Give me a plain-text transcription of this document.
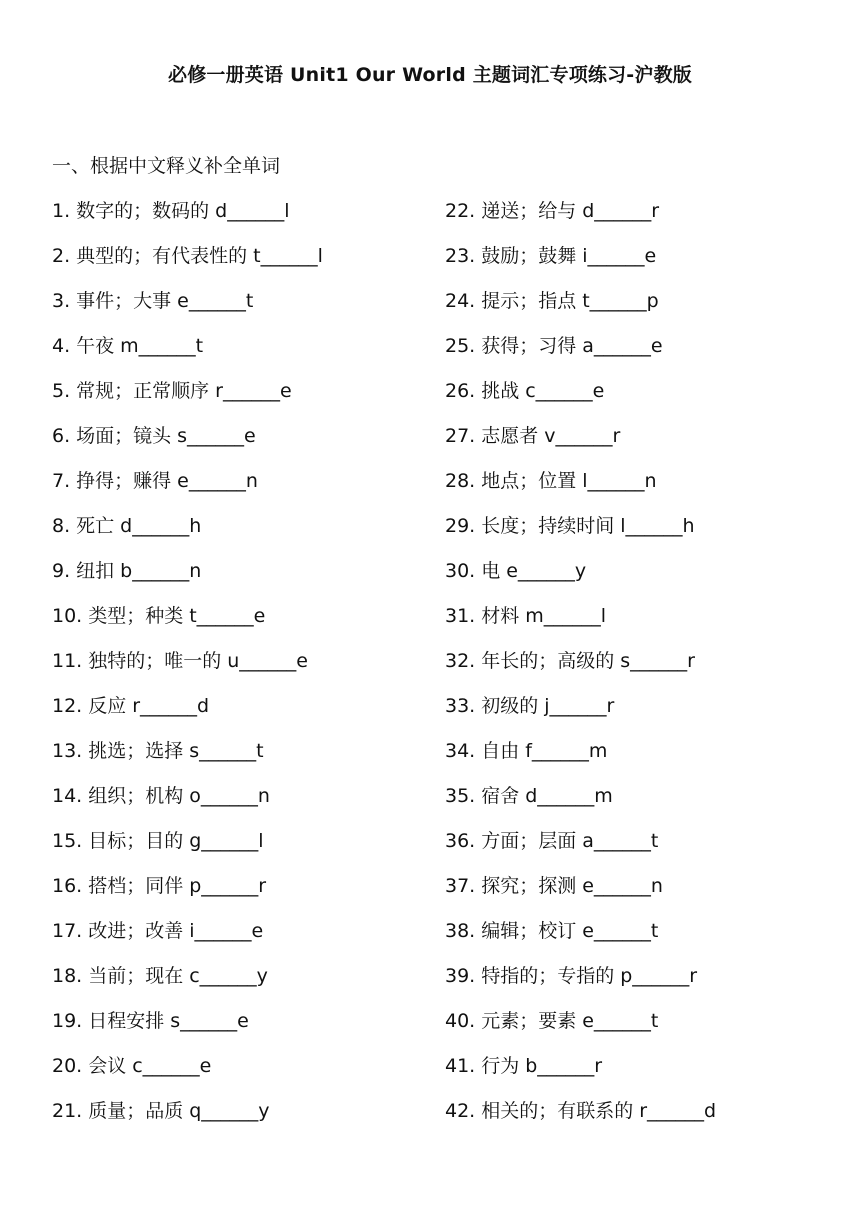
必修一册英语 Unit1 Our World 主题词汇专项练习-沪教版
一、根据中文释义补全单词
1. 数字的；数码的 d______l
2. 典型的；有代表性的 t______l
3. 事件；大事 e______t
4. 午夜 m______t
5. 常规；正常顺序 r______e
6. 场面；镜头 s______e
7. 挣得；赚得 e______n
8. 死亡 d______h
9. 纽扣 b______n
10. 类型；种类 t______e
11. 独特的；唯一的 u______e
12. 反应 r______d
13. 挑选；选择 s______t
14. 组织；机构 o______n
15. 目标；目的 g______l
16. 搭档；同伴 p______r
17. 改进；改善 i______e
18. 当前；现在 c______y
19. 日程安排 s______e
20. 会议 c______e
21. 质量；品质 q______y
22. 递送；给与 d______r
23. 鼓励；鼓舞 i______e
24. 提示；指点 t______p
25. 获得；习得 a______e
26. 挑战 c______e
27. 志愿者 v______r
28. 地点；位置 l______n
29. 长度；持续时间 l______h
30. 电 e______y
31. 材料 m______l
32. 年长的；高级的 s______r
33. 初级的 j______r
34. 自由 f______m
35. 宿舍 d______m
36. 方面；层面 a______t
37. 探究；探测 e______n
38. 编辑；校订 e______t
39. 特指的；专指的 p______r
40. 元素；要素 e______t
41. 行为 b______r
42. 相关的；有联系的 r______d
